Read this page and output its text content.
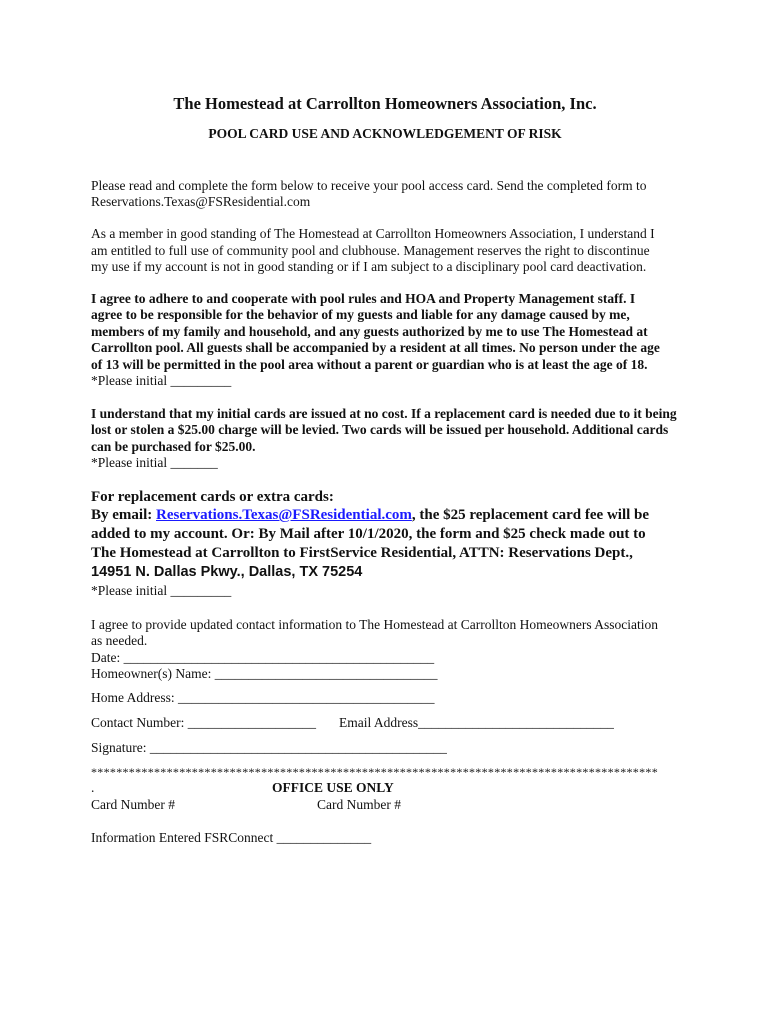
The Homestead at Carrollton Homeowners Association, Inc.
POOL CARD USE AND ACKNOWLEDGEMENT OF RISK
Please read and complete the form below to receive your pool access card. Send the completed form to
Reservations.Texas@FSResidential.com
As a member in good standing of The Homestead at Carrollton Homeowners Association, I understand I
am entitled to full use of community pool and clubhouse. Management reserves the right to discontinue
my use if my account is not in good standing or if I am subject to a disciplinary pool card deactivation.
I agree to adhere to and cooperate with pool rules and HOA and Property Management staff. I
agree to be responsible for the behavior of my guests and liable for any damage caused by me,
members of my family and household, and any guests authorized by me to use The Homestead at
Carrollton pool. All guests shall be accompanied by a resident at all times. No person under the age
of 13 will be permitted in the pool area without a parent or guardian who is at least the age of 18.
*Please initial _________
I understand that my initial cards are issued at no cost. If a replacement card is needed due to it being
lost or stolen a $25.00 charge will be levied. Two cards will be issued per household. Additional cards
can be purchased for $25.00.
*Please initial _______
For replacement cards or extra cards:
By email: Reservations.Texas@FSResidential.com, the $25 replacement card fee will be
added to my account. Or: By Mail after 10/1/2020, the form and $25 check made out to
The Homestead at Carrollton to FirstService Residential, ATTN: Reservations Dept.,
14951 N. Dallas Pkwy., Dallas, TX 75254
*Please initial _________
I agree to provide updated contact information to The Homestead at Carrollton Homeowners Association
as needed.
Date: ______________________________________________
Homeowner(s) Name: _________________________________
Home Address: ______________________________________
Contact Number: ___________________ Email Address_____________________________
Signature: ____________________________________________
******************************************************************************************
.	OFFICE USE ONLY
Card Number #	Card Number #
Information Entered FSRConnect ______________
